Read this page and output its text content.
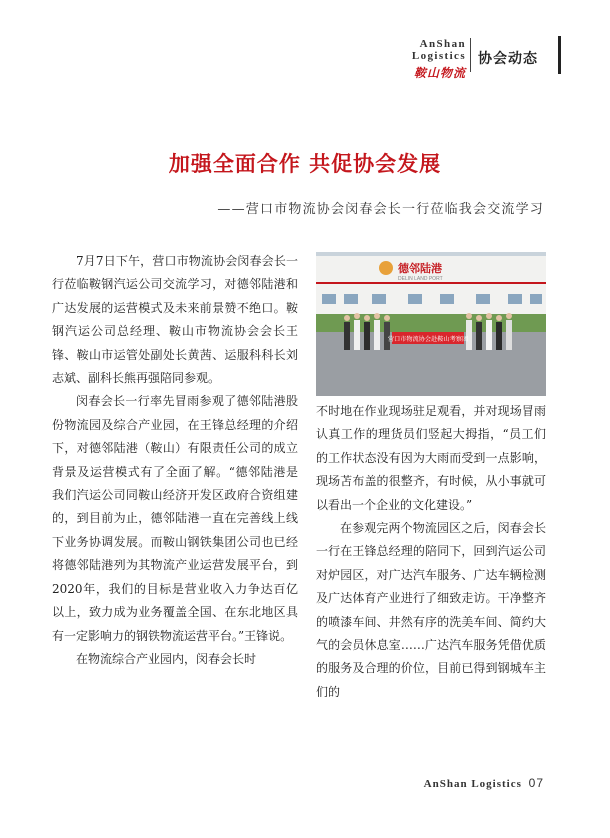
AnShan Logistics
鞍山物流
协会动态
加强全面合作 共促协会发展
——营口市物流协会闵春会长一行莅临我会交流学习

7月7日下午，营口市物流协会闵春会长一行莅临鞍钢汽运公司交流学习，对德邻陆港和广达发展的运营模式及未来前景赞不绝口。鞍钢汽运公司总经理、鞍山市物流协会会长王锋、鞍山市运管处副处长黄茜、运服科科长刘志斌、副科长熊再强陪同参观。

闵春会长一行率先冒雨参观了德邻陆港股份物流园及综合产业园，在王锋总经理的介绍下，对德邻陆港（鞍山）有限责任公司的成立背景及运营模式有了全面了解。“德邻陆港是我们汽运公司同鞍山经济开发区政府合资组建的，到目前为止，德邻陆港一直在完善线上线下业务协调发展。而鞍山钢铁集团公司也已经将德邻陆港列为其物流产业运营发展平台，到2020年，我们的目标是营业收入力争达百亿以上，致力成为业务覆盖全国、在东北地区具有一定影响力的钢铁物流运营平台。”王锋说。

在物流综合产业园内，闵春会长时

德邻陆港
DELIN LAND PORT
营口市物流协会赴鞍山考察团

不时地在作业现场驻足观看，并对现场冒雨认真工作的理货员们竖起大拇指，“员工们的工作状态没有因为大雨而受到一点影响，现场苫布盖的很整齐，有时候，从小事就可以看出一个企业的文化建设。”

在参观完两个物流园区之后，闵春会长一行在王锋总经理的陪同下，回到汽运公司对炉园区，对广达汽车服务、广达车辆检测及广达体育产业进行了细致走访。干净整齐的喷漆车间、井然有序的洗美车间、简约大气的会员休息室……广达汽车服务凭借优质的服务及合理的价位，目前已得到钢城车主们的

AnShan Logistics 07
